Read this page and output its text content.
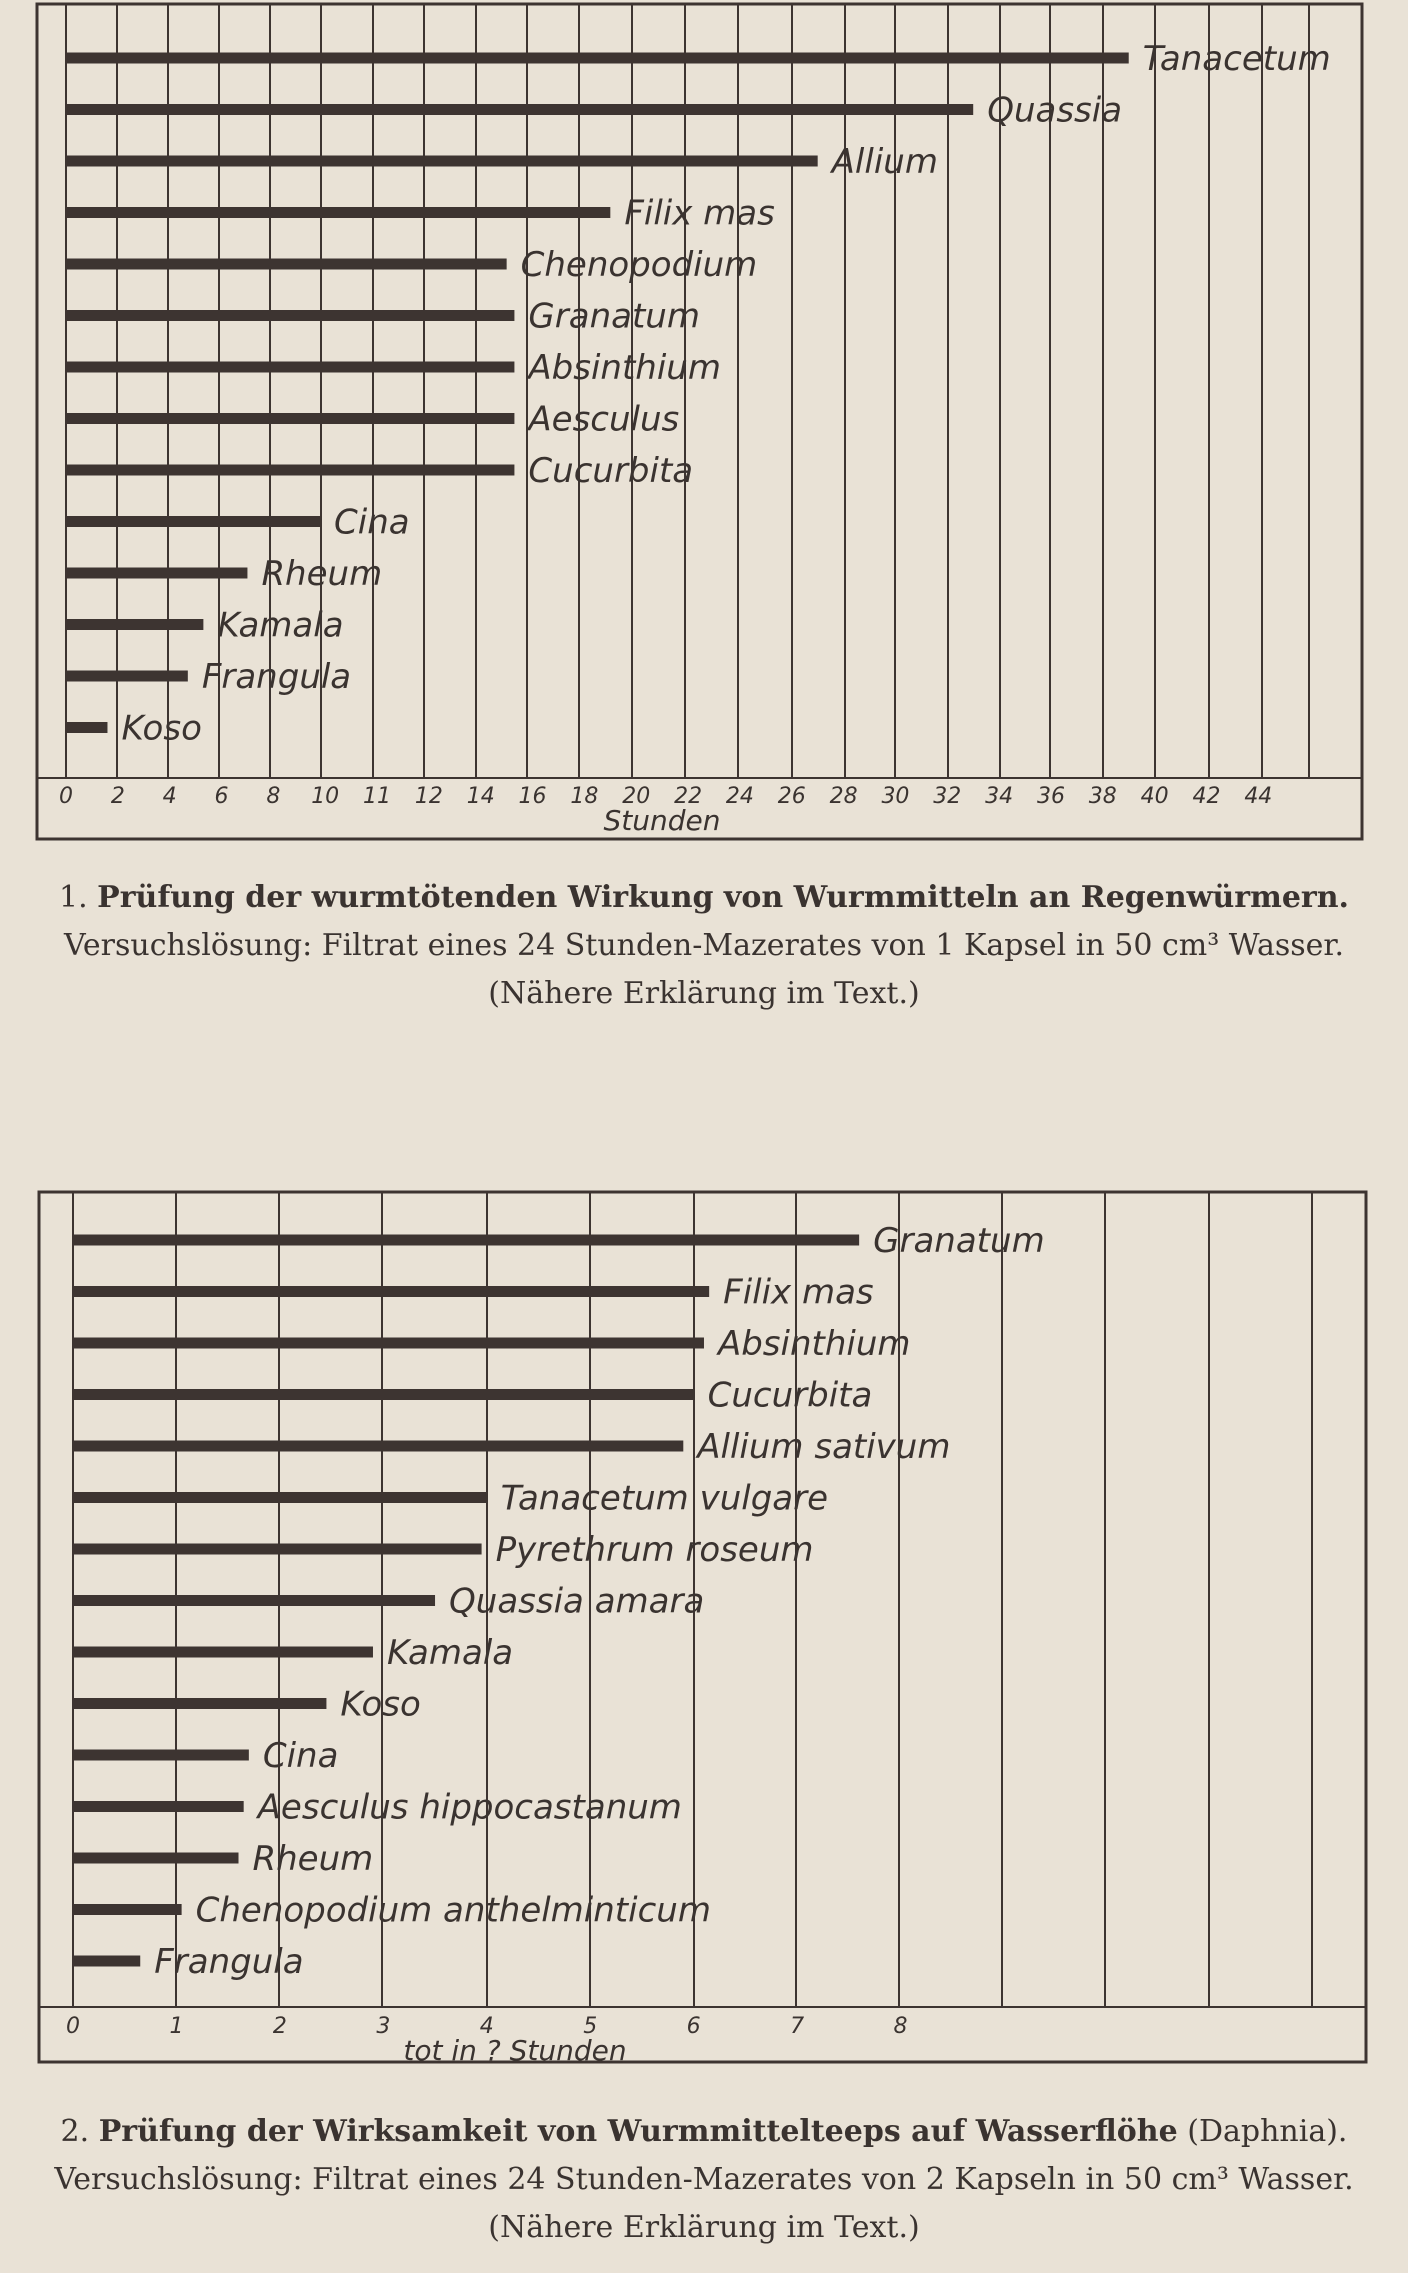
0 2 4 6 8 10 11 12 14 16 18 20 22 24 26 28 30 32 34 36 38 40 42 44
Stunden
Tanacetum
Quassia
Allium
Filix mas
Chenopodium
Granatum
Absinthium
Aesculus
Cucurbita
Cina
Rheum
Kamala
Frangula
Koso

1. Prüfung der wurmtötenden Wirkung von Wurmmitteln an Regenwürmern.

Versuchslösung: Filtrat eines 24 Stunden-Mazerates von 1 Kapsel in 50 cm³ Wasser.

(Nähere Erklärung im Text.)

0	1	2	3	4	5	6	7	8
tot in ? Stunden
Granatum
Filix mas
Absinthium
Cucurbita
Allium sativum
Tanacetum vulgare
Pyrethrum roseum
Quassia amara
Kamala
Koso
Cina
Aesculus hippocastanum
Rheum
Chenopodium anthelminticum
Frangula

2. Prüfung der Wirksamkeit von Wurmmittelteeps auf Wasserflöhe (Daphnia).

Versuchslösung: Filtrat eines 24 Stunden-Mazerates von 2 Kapseln in 50 cm³ Wasser.

(Nähere Erklärung im Text.)
